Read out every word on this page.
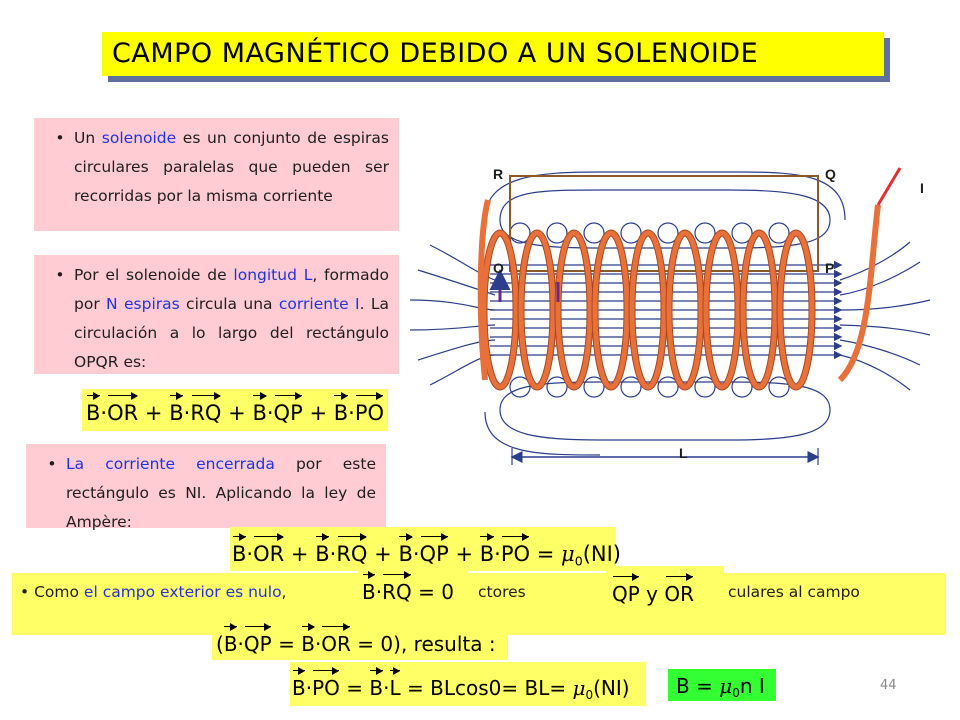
CAMPO MAGNÉTICO DEBIDO A UN SOLENOIDE
• Un solenoide es un conjunto de espiras circulares paralelas que pueden ser recorridas por la misma corriente
• Por el solenoide de longitud L, formado por N espiras circula una corriente I. La circulación a lo largo del rectángulo OPQR es:
B·OR + B·RQ + B·QP + B·PO
• La corriente encerrada por este rectángulo es NI. Aplicando la ley de Ampère:
$B\cdot OR + B\cdot RQ + B\cdot QP + B\cdot PO = \mu_0(NI)$
• Como el campo exterior es nulo,	ctores	culares al campo
B·RQ = 0	QP y OR
(B·QP = B·OR = 0), resulta :
$B\cdot PO = B\cdot L = BLcos0= BL= \mu_0(NI) B = \mu_0n$ I
R	Q
O	P
I
L
44
